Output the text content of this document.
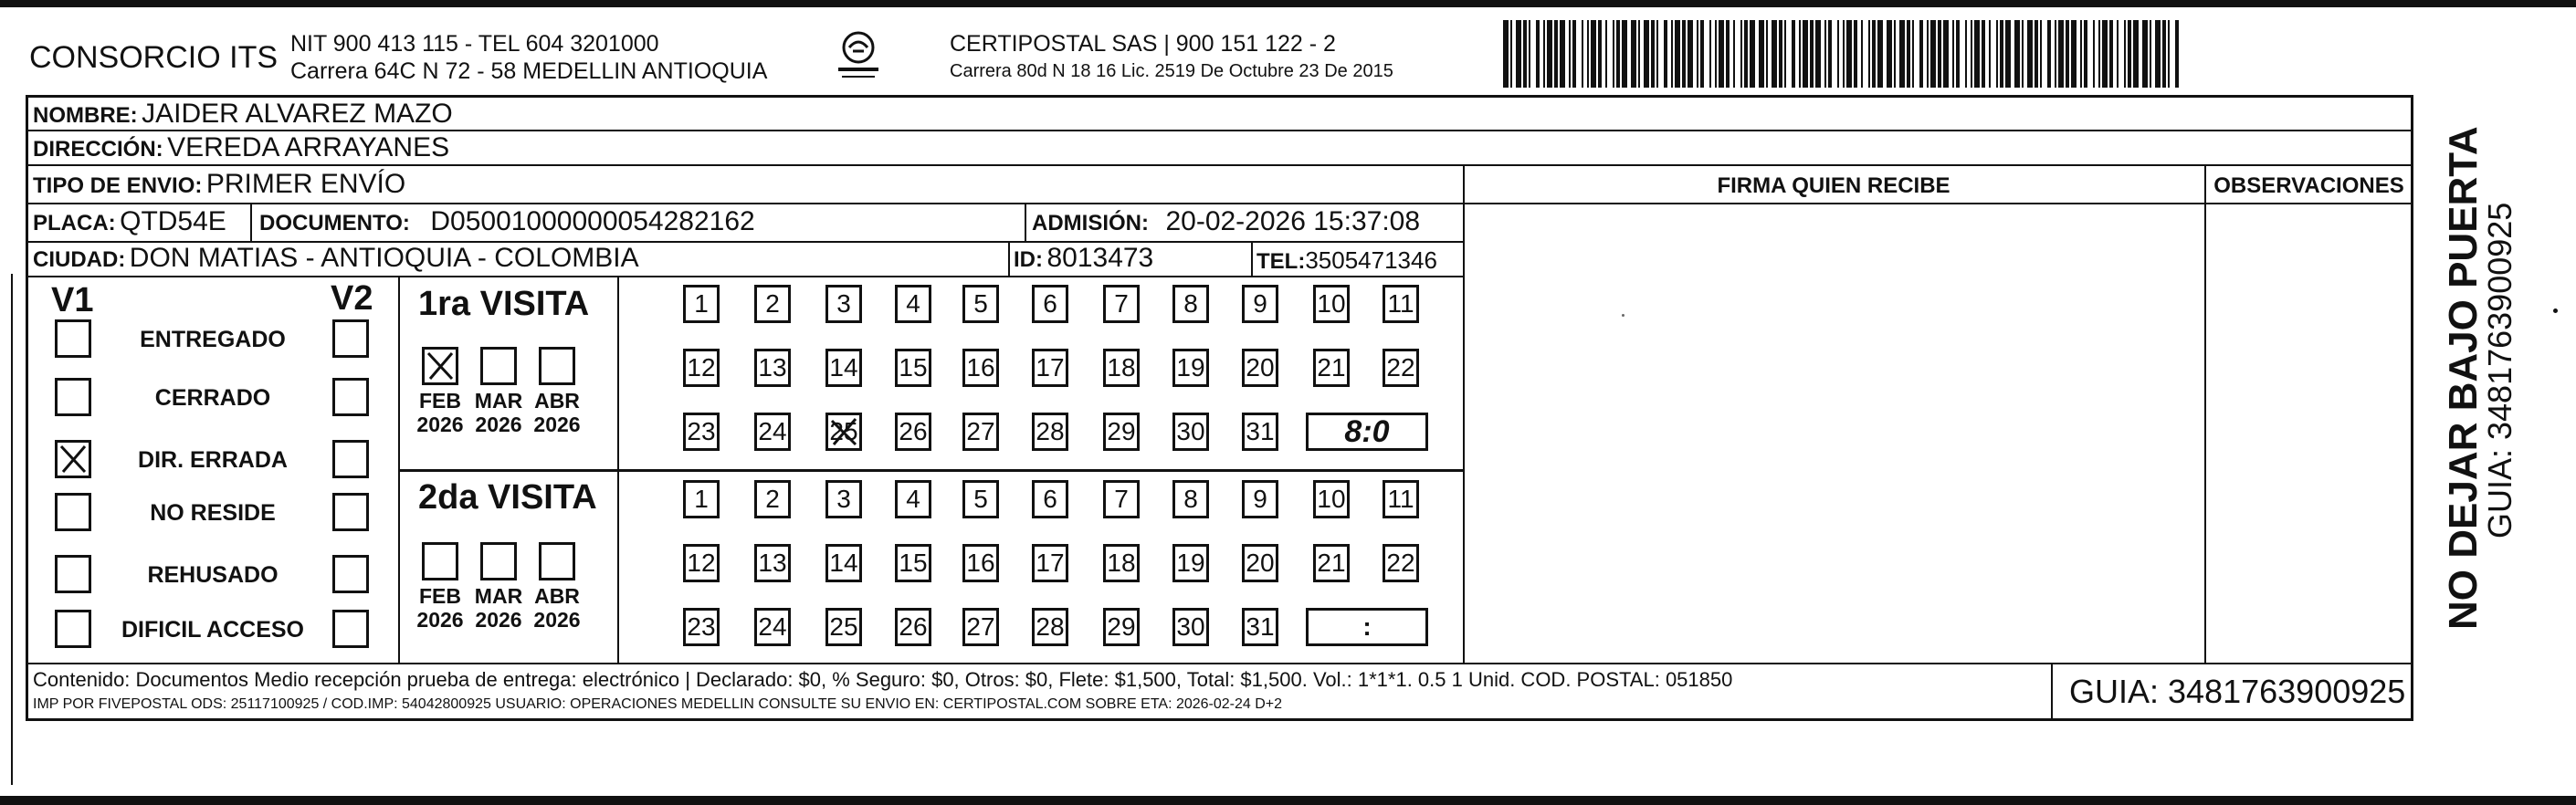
CONSORCIO ITS NIT 900 413 115 - TEL 604 3201000
Carrera 64C N 72 - 58 MEDELLIN ANTIOQUIA
CERTIPOSTAL SAS | 900 151 122 - 2
Carrera 80d N 18 16 Lic. 2519 De Octubre 23 De 2015
FIRMA QUIEN RECIBE	OBSERVACIONES
NOMBRE: JAIDER ALVAREZ MAZO
DIRECCIÓN: VEREDA ARRAYANES
TIPO DE ENVIO: PRIMER ENVÍO
PLACA: QTD54E DOCUMENTO: D05001000000054282162	ADMISIÓN: 20-02-2026 15:37:08
CIUDAD: DON MATIAS - ANTIOQUIA - COLOMBIA	ID: 8013473	TEL:3505471346
V1	V2
ENTREGADO
CERRADO
DIR. ERRADA
NO RESIDE
REHUSADO
DIFICIL ACCESO
1ra VISITA
2da VISITA
FEB
2026
MAR
2026
ABR
2026
1	2	3	4	5	6	7	8	9	10 11
12 13 14 15 16 17 18 19 20 21 22
23 24 25 26 27 28 29 30 31	8:0
FEB
2026
MAR
2026
ABR
2026
1	2	3	4	5	6	7	8	9	10 11
12 13 14 15 16 17 18 19 20 21 22
23 24 25 26 27 28 29 30 31	:
Contenido: Documentos Medio recepción prueba de entrega: electrónico | Declarado: $0, % Seguro: $0, Otros: $0, Flete: $1,500, Total: $1,500. Vol.: 1*1*1. 0.5 1 Unid. COD. POSTAL: 051850
IMP POR FIVEPOSTAL ODS: 25117100925 / COD.IMP: 54042800925 USUARIO: OPERACIONES MEDELLIN CONSULTE SU ENVIO EN: CERTIPOSTAL.COM SOBRE ETA: 2026-02-24 D+2	GUIA: 3481763900925
NO DEJAR BAJO PUERTA
GUIA: 3481763900925
